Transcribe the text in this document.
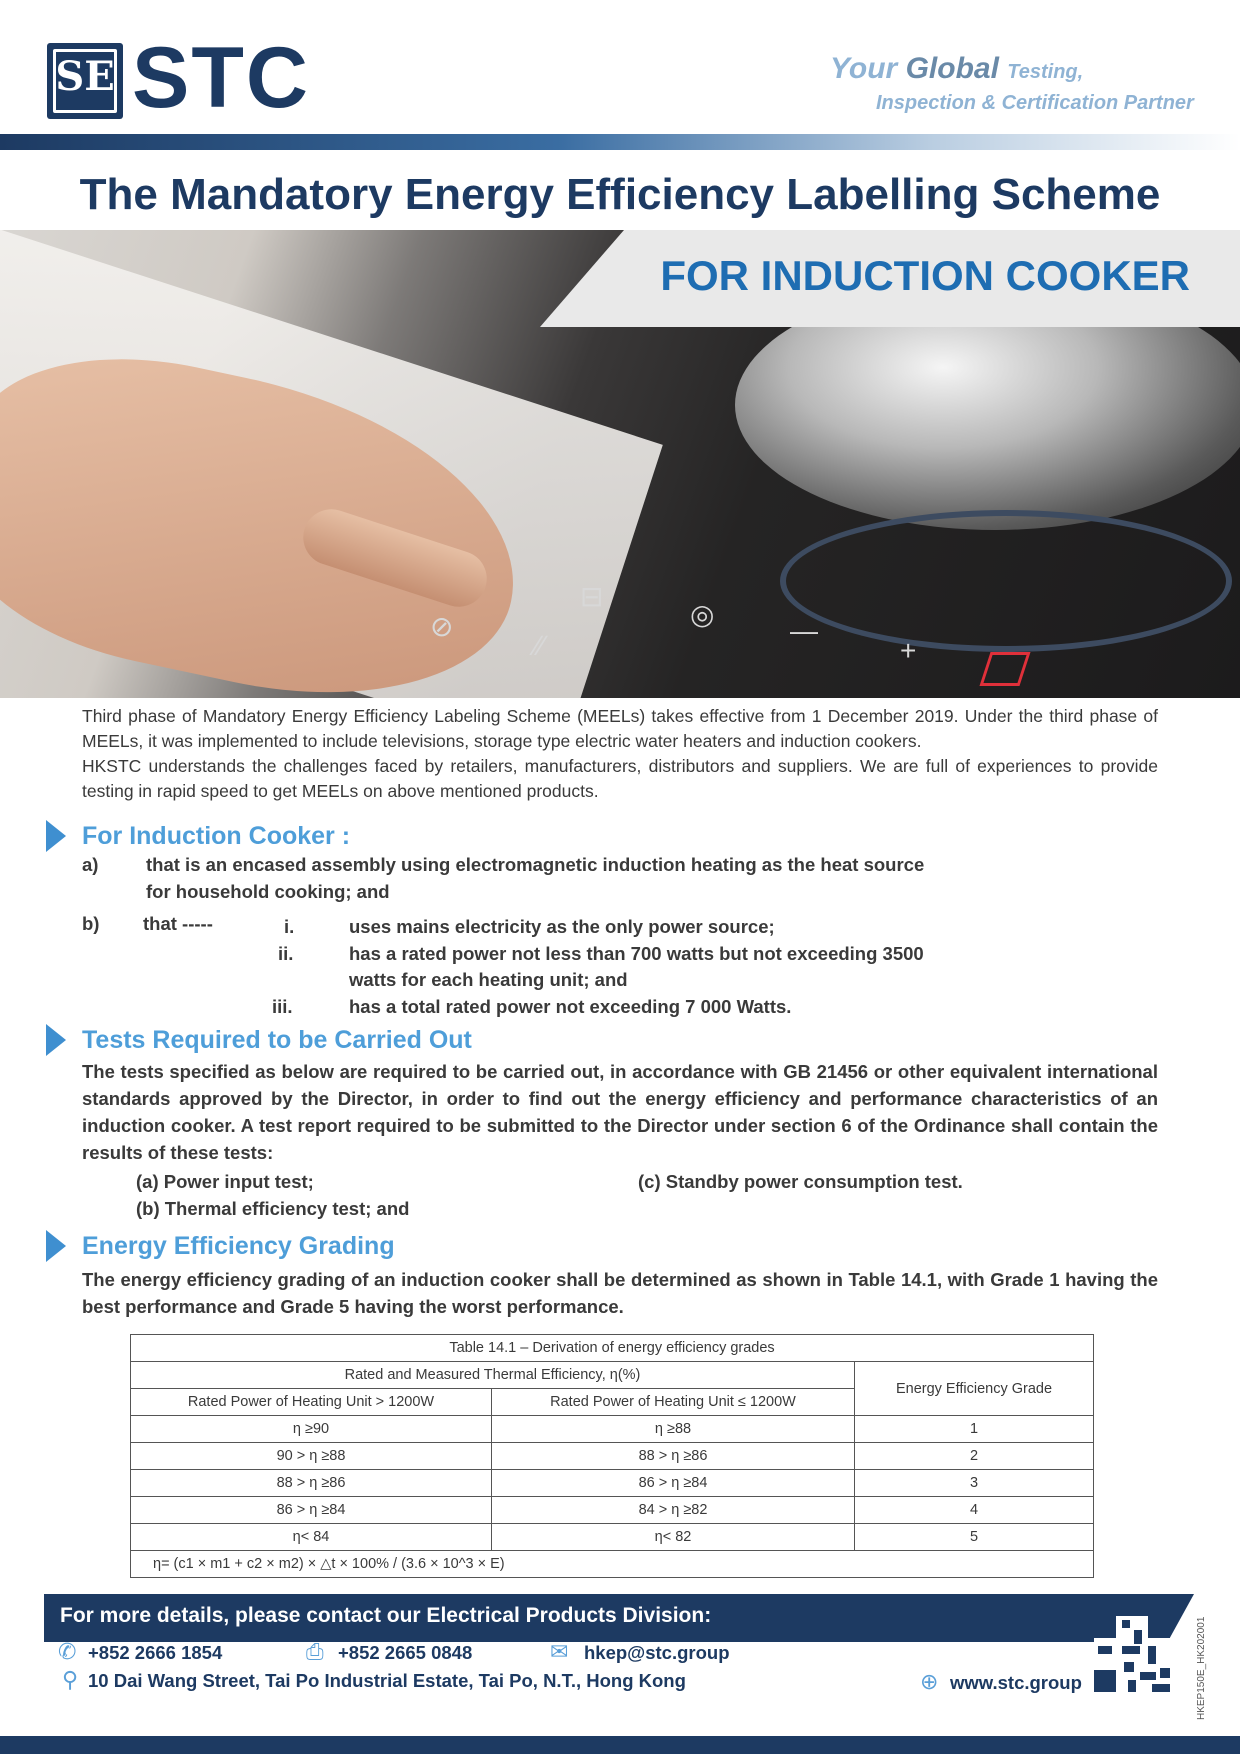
SE STC	Your Global Testing,
Inspection & Certification Partner
The Mandatory Energy Efficiency Labelling Scheme
⊘
∕∕
⊟
◎
—
+
FOR INDUCTION COOKER
Third phase of Mandatory Energy Efficiency Labeling Scheme (MEELs) takes effective from 1 December 2019. Under the third phase of MEELs, it was implemented to include televisions, storage type electric water heaters and induction cookers.
HKSTC understands the challenges faced by retailers, manufacturers, distributors and suppliers. We are full of experiences to provide testing in rapid speed to get MEELs on above mentioned products.
For Induction Cooker :
a)	that is an encased assembly using electromagnetic induction heating as the heat source
for household cooking; and
b) that -----	i.	uses mains electricity as the only power source;
ii.	has a rated power not less than 700 watts but not exceeding 3500
watts for each heating unit; and
iii.	has a total rated power not exceeding 7 000 Watts.
Tests Required to be Carried Out
The tests specified as below are required to be carried out, in accordance with GB 21456 or other equivalent international standards approved by the Director, in order to find out the energy efficiency and performance characteristics of an induction cooker. A test report required to be submitted to the Director under section 6 of the Ordinance shall contain the results of these tests:
(a) Power input test;
(b) Thermal efficiency test; and
(c) Standby power consumption test.
Energy Efficiency Grading
The energy efficiency grading of an induction cooker shall be determined as shown in Table 14.1, with Grade 1 having the best performance and Grade 5 having the worst performance.
Table 14.1 – Derivation of energy efficiency grades		
Rated and Measured Thermal Efficiency, η(%)		Energy Efficiency Grade
Rated Power of Heating Unit > 1200W	Rated Power of Heating Unit ≤ 1200W	
η ≥90	η ≥88	1
90 > η ≥88	88 > η ≥86	2
88 > η ≥86	86 > η ≥84	3
86 > η ≥84	84 > η ≥82	4
η< 84	η< 82	5
η= (c1 × m1 + c2 × m2) × △t × 100% / (3.6 × 10^3 × E)		
For more details, please contact our Electrical Products Division:
✆ +852 2666 1854	⎙ +852 2665 0848	✉ hkep@stc.group
⚲ 10 Dai Wang Street, Tai Po Industrial Estate, Tai Po, N.T., Hong Kong	⊕ www.stc.group	HKEP150E_HK202001
